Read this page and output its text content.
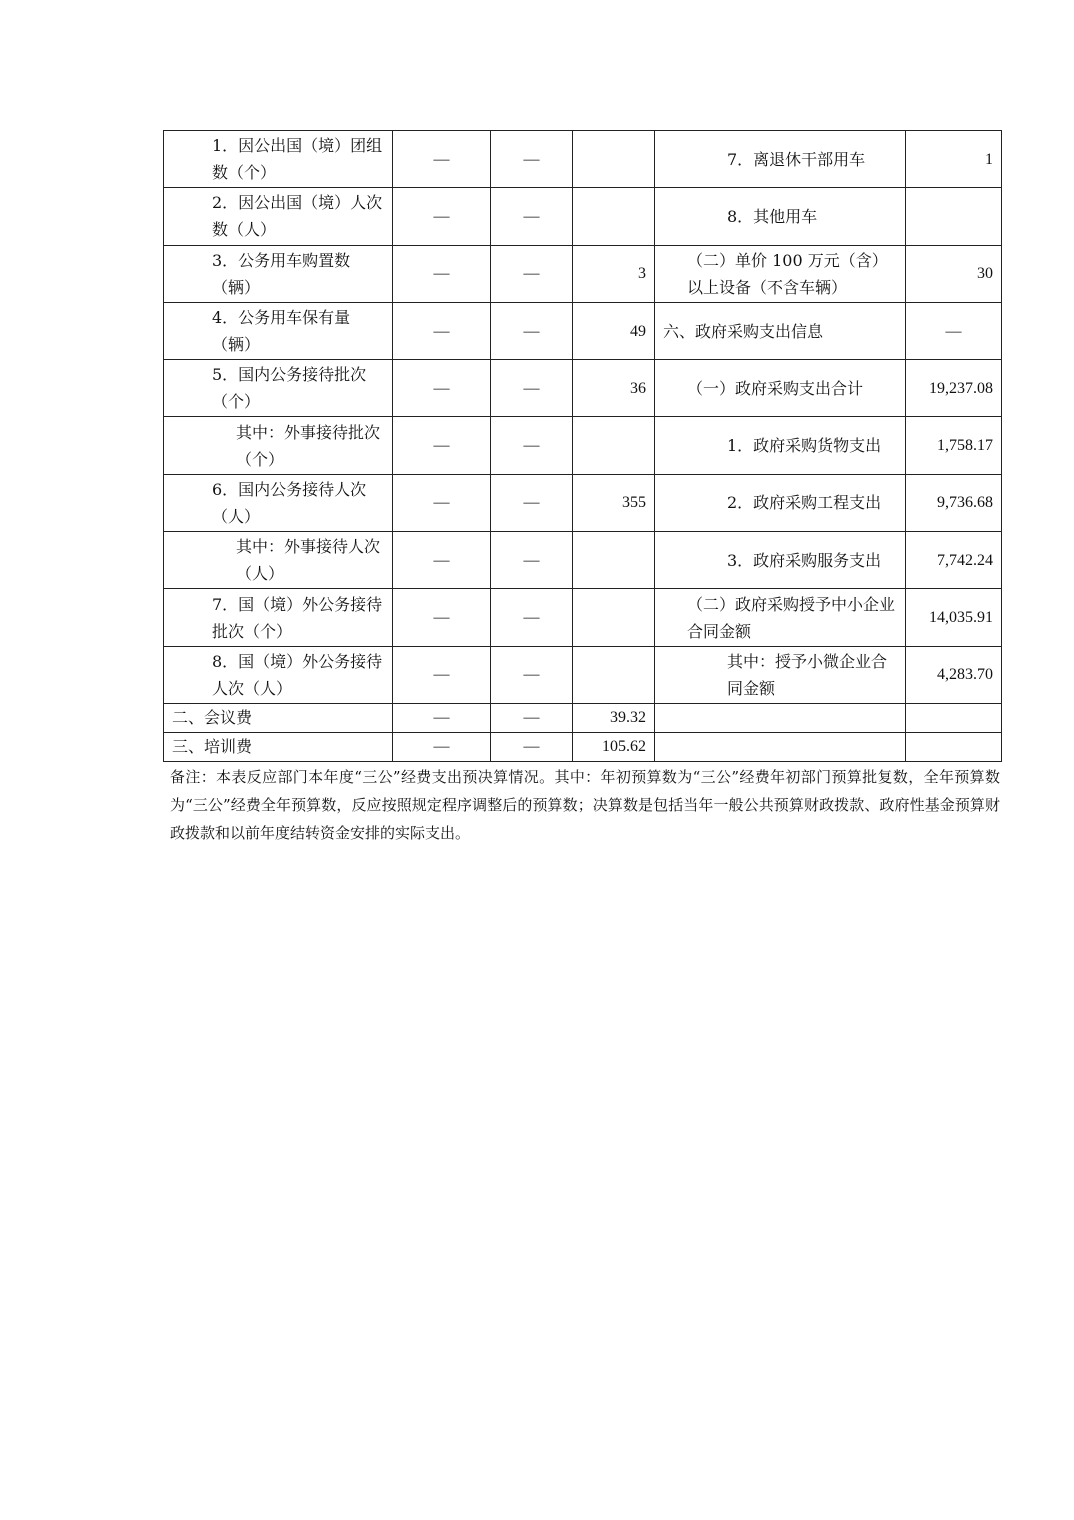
1．因公出国（境）团组数（个）	—	—		7．离退休干部用车	1
2．因公出国（境）人次数（人）	—	—		8．其他用车	
3．公务用车购置数（辆）	—	—	3	（二）单价 100 万元（含）以上设备（不含车辆）	30
4．公务用车保有量（辆）	—	—	49	六、政府采购支出信息	—
5．国内公务接待批次（个）	—	—	36	（一）政府采购支出合计	19,237.08
其中：外事接待批次（个）	—	—		1．政府采购货物支出	1,758.17
6．国内公务接待人次（人）	—	—	355	2．政府采购工程支出	9,736.68
其中：外事接待人次（人）	—	—		3．政府采购服务支出	7,742.24
7．国（境）外公务接待批次（个）	—	—		（二）政府采购授予中小企业合同金额	14,035.91
8．国（境）外公务接待人次（人）	—	—		其中：授予小微企业合同金额	4,283.70
二、会议费	—	—	39.32		
三、培训费	—	—	105.62		
备注：本表反应部门本年度“三公”经费支出预决算情况。其中：年初预算数为“三公”经费年初部门预算批复数，全年预算数为“三公”经费全年预算数，反应按照规定程序调整后的预算数；决算数是包括当年一般公共预算财政拨款、政府性基金预算财政拨款和以前年度结转资金安排的实际支出。
